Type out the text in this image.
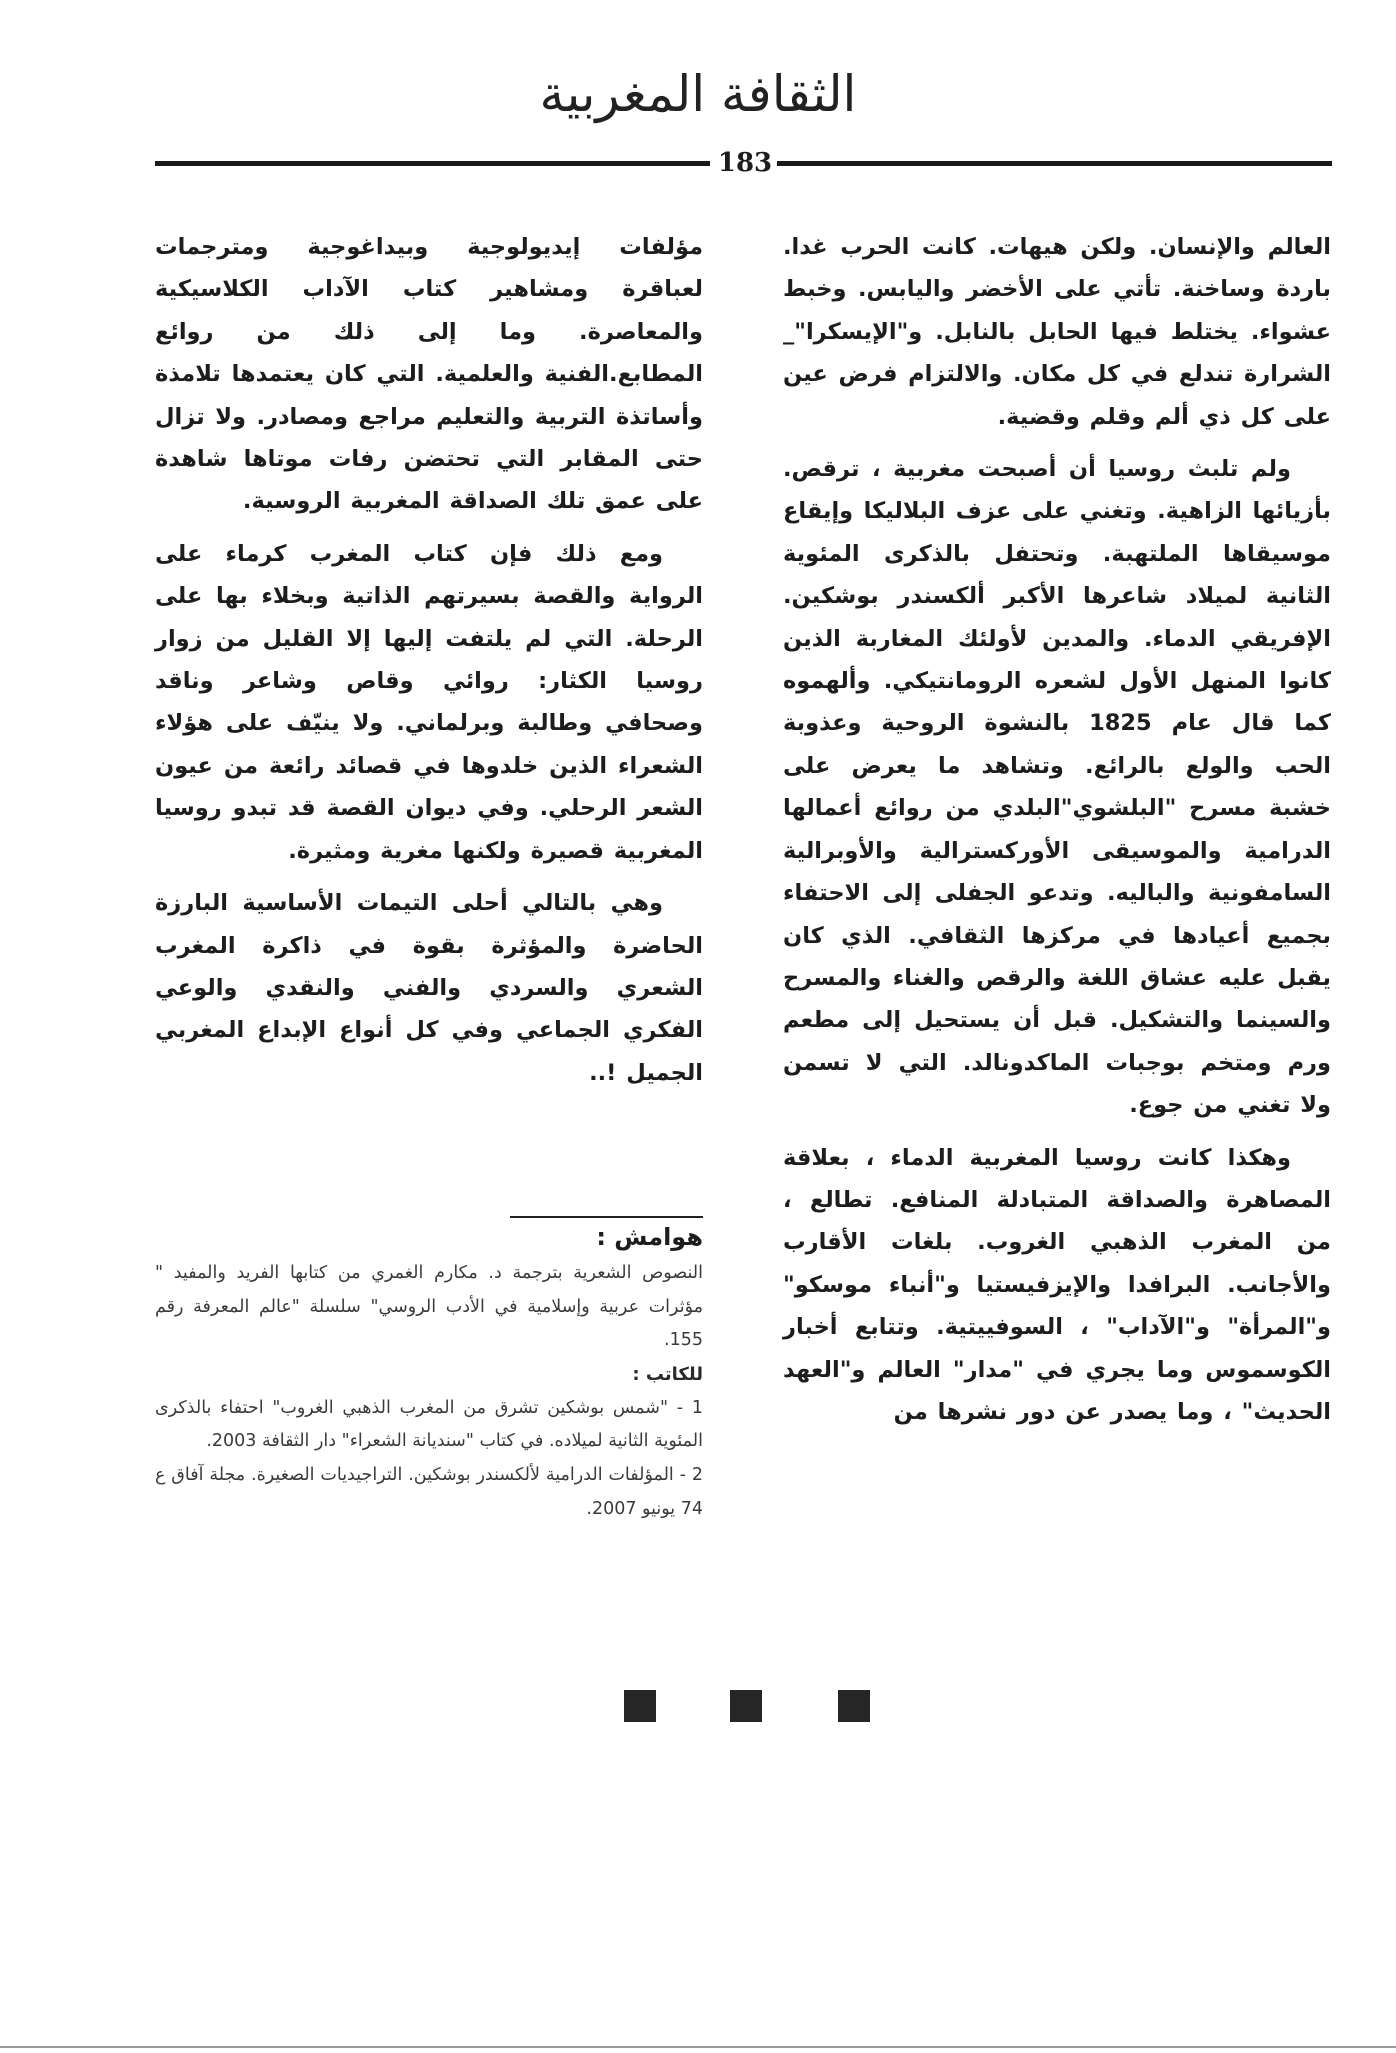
الثقافة المغربية
183

العالم والإنسان. ولكن هيهات. كانت الحرب غدا. باردة وساخنة. تأتي على الأخضر واليابس. وخبط عشواء. يختلط فيها الحابل بالنابل. و"الإيسكرا"_ الشرارة تندلع في كل مكان. والالتزام فرض عين على كل ذي ألم وقلم وقضية.

ولم تلبث روسيا أن أصبحت مغربية ، ترقص. بأزيائها الزاهية. وتغني على عزف البلاليكا وإيقاع موسيقاها الملتهبة. وتحتفل بالذكرى المئوية الثانية لميلاد شاعرها الأكبر ألكسندر بوشكين. الإفريقي الدماء. والمدين لأولئك المغاربة الذين كانوا المنهل الأول لشعره الرومانتيكي. وألهموه كما قال عام 1825 بالنشوة الروحية وعذوبة الحب والولع بالرائع. وتشاهد ما يعرض على خشبة مسرح "البلشوي"البلدي من روائع أعمالها الدرامية والموسيقى الأوركسترالية والأوبرالية السامفونية والباليه. وتدعو الجفلى إلى الاحتفاء بجميع أعيادها في مركزها الثقافي. الذي كان يقبل عليه عشاق اللغة والرقص والغناء والمسرح والسينما والتشكيل. قبل أن يستحيل إلى مطعم ورم ومتخم بوجبات الماكدونالد. التي لا تسمن ولا تغني من جوع.

وهكذا كانت روسيا المغربية الدماء ، بعلاقة المصاهرة والصداقة المتبادلة المنافع. تطالع ، من المغرب الذهبي الغروب. بلغات الأقارب والأجانب. البرافدا والإيزفيستيا و"أنباء موسكو" و"المرأة" و"الآداب" ، السوفييتية. وتتابع أخبار الكوسموس وما يجري في "مدار" العالم و"العهد الحديث" ، وما يصدر عن دور نشرها من

مؤلفات إيديولوجية وبيداغوجية ومترجمات لعباقرة ومشاهير كتاب الآداب الكلاسيكية والمعاصرة. وما إلى ذلك من روائع المطابع.الفنية والعلمية. التي كان يعتمدها تلامذة وأساتذة التربية والتعليم مراجع ومصادر. ولا تزال حتى المقابر التي تحتضن رفات موتاها شاهدة على عمق تلك الصداقة المغربية الروسية.

ومع ذلك فإن كتاب المغرب كرماء على الرواية والقصة بسيرتهم الذاتية وبخلاء بها على الرحلة. التي لم يلتفت إليها إلا القليل من زوار روسيا الكثار: روائي وقاص وشاعر وناقد وصحافي وطالبة وبرلماني. ولا ينيّف على هؤلاء الشعراء الذين خلدوها في قصائد رائعة من عيون الشعر الرحلي. وفي ديوان القصة قد تبدو روسيا المغربية قصيرة ولكنها مغرية ومثيرة.

وهي بالتالي أحلى التيمات الأساسية البارزة الحاضرة والمؤثرة بقوة في ذاكرة المغرب الشعري والسردي والفني والنقدي والوعي الفكري الجماعي وفي كل أنواع الإبداع المغربي الجميل !..

هوامش :

النصوص الشعرية بترجمة د. مكارم الغمري من كتابها الفريد والمفيد " مؤثرات عربية وإسلامية في الأدب الروسي" سلسلة "عالم المعرفة رقم 155.

للكاتب :

1 - "شمس بوشكين تشرق من المغرب الذهبي الغروب" احتفاء بالذكرى المئوية الثانية لميلاده. في كتاب "سنديانة الشعراء" دار الثقافة 2003.

2 - المؤلفات الدرامية لألكسندر بوشكين. التراجيديات الصغيرة. مجلة آفاق ع 74 يونيو 2007.
